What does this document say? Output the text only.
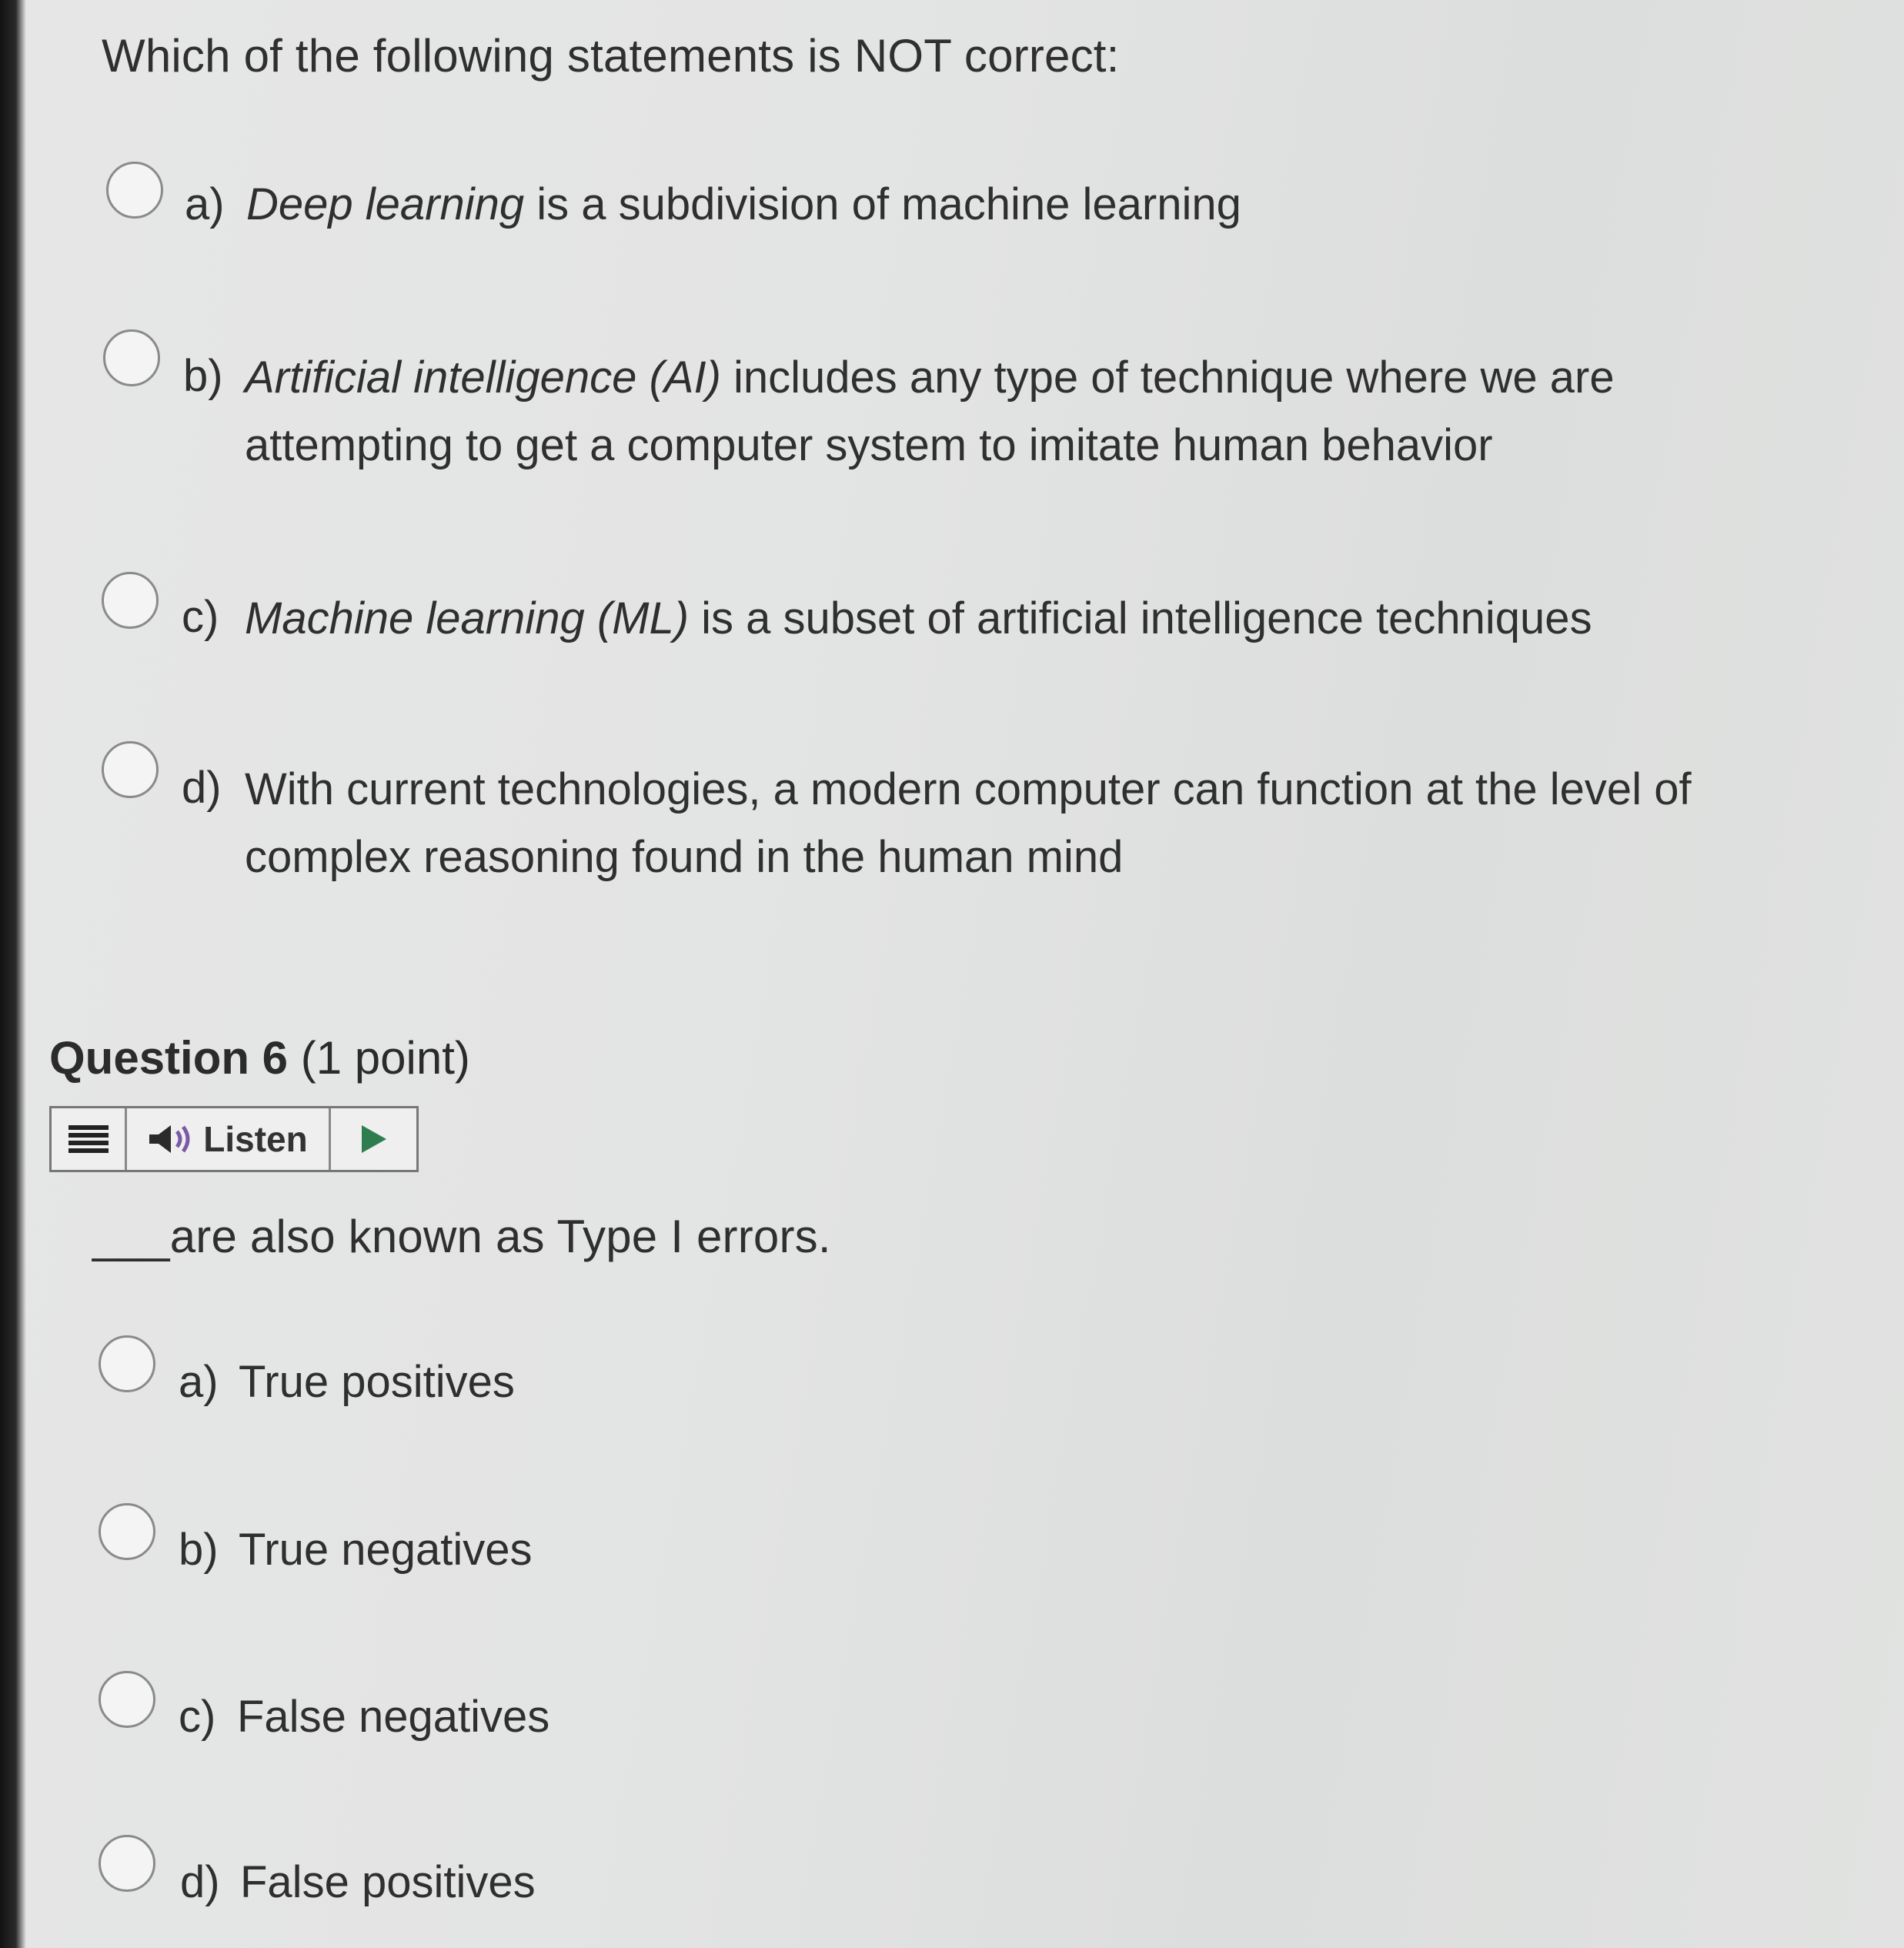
Which of the following statements is NOT correct:
a) Deep learning is a subdivision of machine learning
b) Artificial intelligence (AI) includes any type of technique where we are
attempting to get a computer system to imitate human behavior
c) Machine learning (ML) is a subset of artificial intelligence techniques
d) With current technologies, a modern computer can function at the level of
complex reasoning found in the human mind
Question 6 (1 point)
Listen
___are also known as Type I errors.
a) True positives
b) True negatives
c) False negatives
d) False positives
